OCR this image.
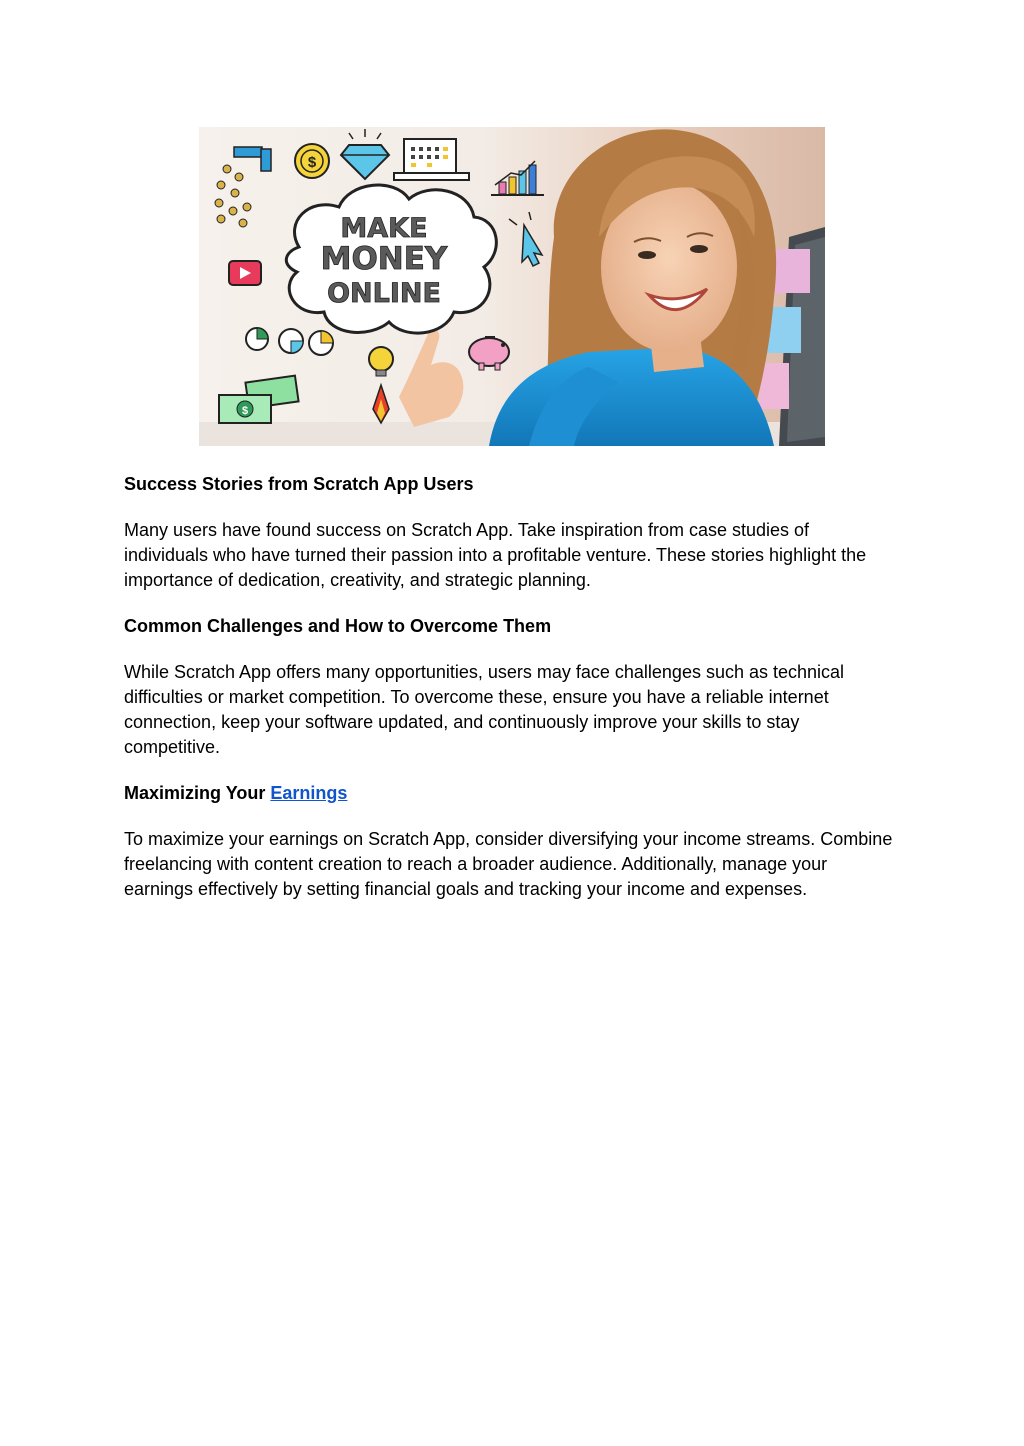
MAKE
MONEY
ONLINE
$
$
Success Stories from Scratch App Users
Many users have found success on Scratch App. Take inspiration from case studies of individuals who have turned their passion into a profitable venture. These stories highlight the importance of dedication, creativity, and strategic planning.
Common Challenges and How to Overcome Them
While Scratch App offers many opportunities, users may face challenges such as technical difficulties or market competition. To overcome these, ensure you have a reliable internet connection, keep your software updated, and continuously improve your skills to stay competitive.
Maximizing Your Earnings
To maximize your earnings on Scratch App, consider diversifying your income streams. Combine freelancing with content creation to reach a broader audience. Additionally, manage your earnings effectively by setting financial goals and tracking your income and expenses.
